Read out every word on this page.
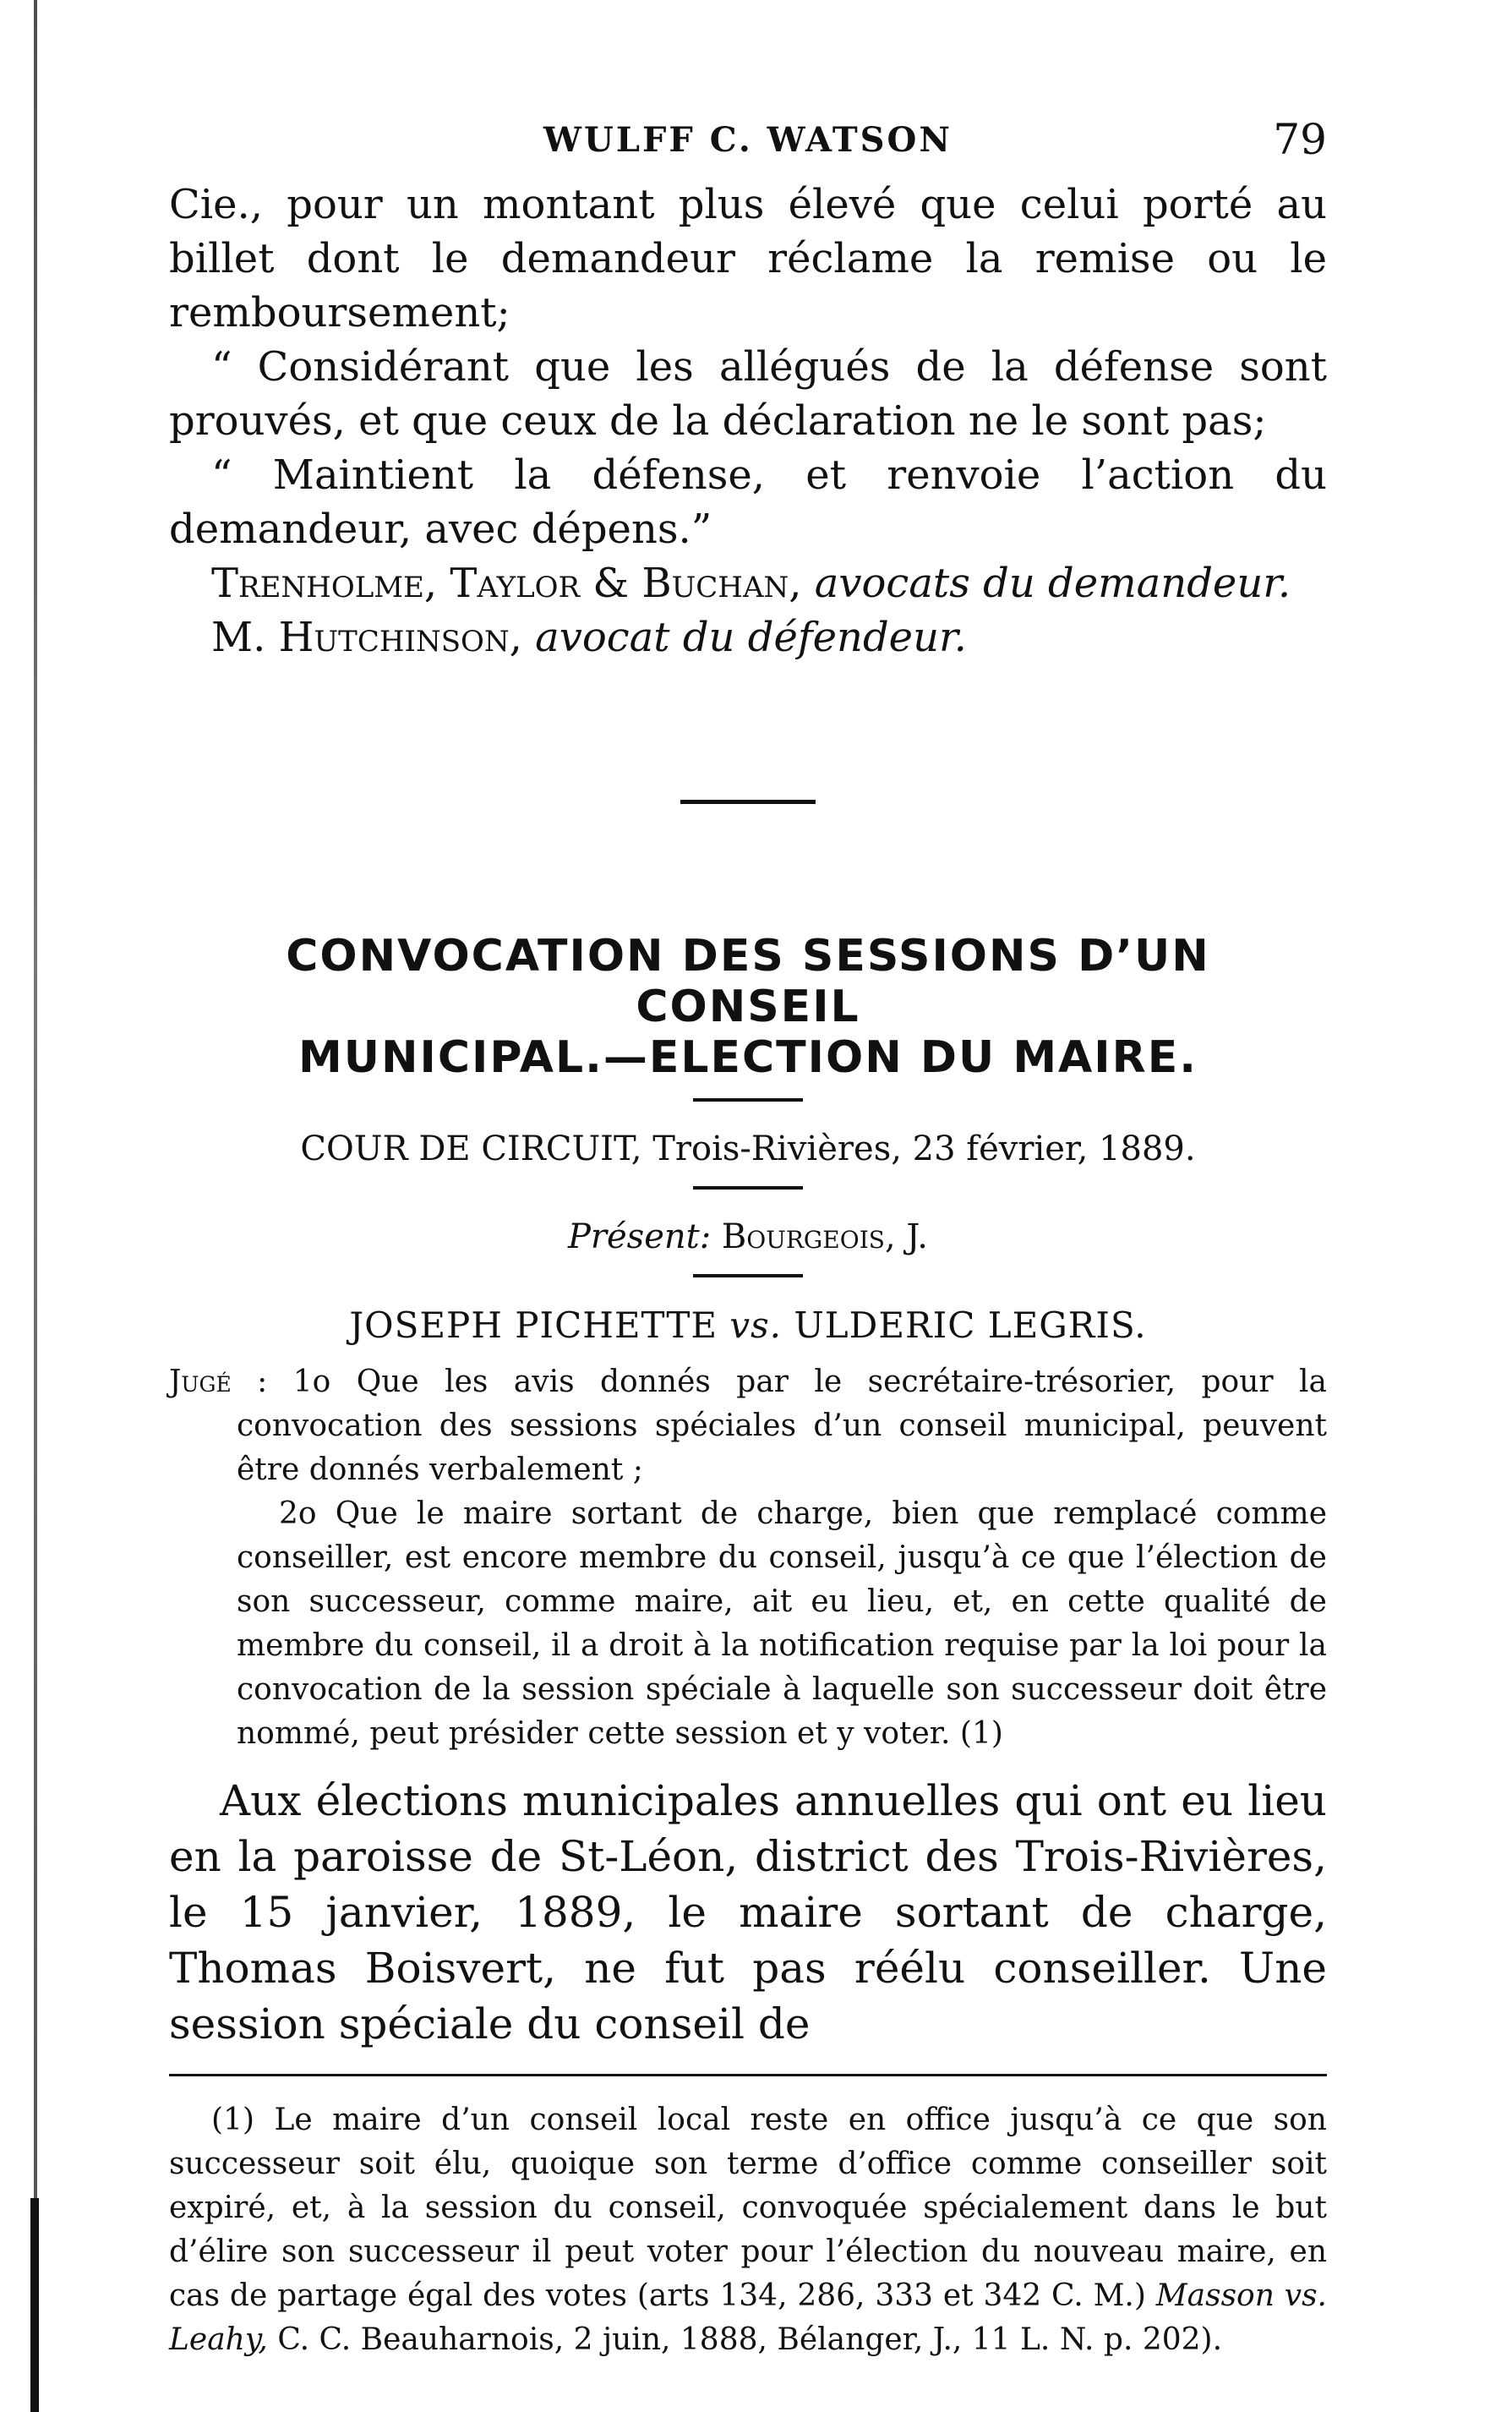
WULFF C. WATSON	79

Cie., pour un montant plus élevé que celui porté au billet dont le demandeur réclame la remise ou le remboursement;

“ Considérant que les allégués de la défense sont prouvés, et que ceux de la déclaration ne le sont pas;

“ Maintient la défense, et renvoie l’action du demandeur, avec dépens.”

Trenholme, Taylor & Buchan, avocats du demandeur.

M. Hutchinson, avocat du défendeur.

CONVOCATION DES SESSIONS D’UN CONSEIL
MUNICIPAL.—ELECTION DU MAIRE.

COUR DE CIRCUIT, Trois-Rivières, 23 février, 1889.

Présent: Bourgeois, J.

JOSEPH PICHETTE vs. ULDERIC LEGRIS.

Jugé : 1o Que les avis donnés par le secrétaire-trésorier, pour la convocation des sessions spéciales d’un conseil municipal, peuvent être donnés verbalement ;

2o Que le maire sortant de charge, bien que remplacé comme conseiller, est encore membre du conseil, jusqu’à ce que l’élection de son successeur, comme maire, ait eu lieu, et, en cette qualité de membre du conseil, il a droit à la notification requise par la loi pour la convocation de la session spéciale à laquelle son successeur doit être nommé, peut présider cette session et y voter. (1)

Aux élections municipales annuelles qui ont eu lieu en la paroisse de St-Léon, district des Trois-Rivières, le 15 janvier, 1889, le maire sortant de charge, Thomas Boisvert, ne fut pas réélu conseiller. Une session spéciale du conseil de

(1) Le maire d’un conseil local reste en office jusqu’à ce que son successeur soit élu, quoique son terme d’office comme conseiller soit expiré, et, à la session du conseil, convoquée spécialement dans le but d’élire son successeur il peut voter pour l’élection du nouveau maire, en cas de partage égal des votes (arts 134, 286, 333 et 342 C. M.) Masson vs. Leahy, C. C. Beauharnois, 2 juin, 1888, Bélanger, J., 11 L. N. p. 202).
